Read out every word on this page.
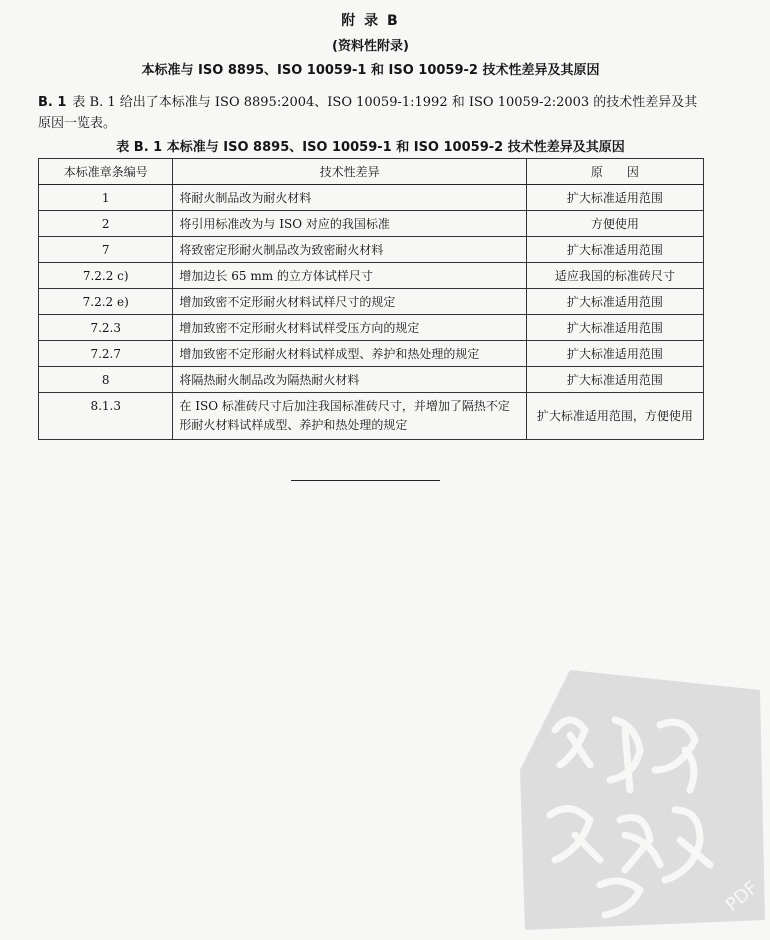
附 录 B
(资料性附录)
本标准与 ISO 8895、ISO 10059-1 和 ISO 10059-2 技术性差异及其原因
B. 1 表 B. 1 给出了本标准与 ISO 8895:2004、ISO 10059-1:1992 和 ISO 10059-2:2003 的技术性差异及其原因一览表。
表 B. 1 本标准与 ISO 8895、ISO 10059-1 和 ISO 10059-2 技术性差异及其原因
本标准章条编号	技术性差异	原　　因
1	将耐火制品改为耐火材料	扩大标准适用范围
2	将引用标准改为与 ISO 对应的我国标准	方便使用
7	将致密定形耐火制品改为致密耐火材料	扩大标准适用范围
7.2.2 c)	增加边长 65 mm 的立方体试样尺寸	适应我国的标准砖尺寸
7.2.2 e)	增加致密不定形耐火材料试样尺寸的规定	扩大标准适用范围
7.2.3	增加致密不定形耐火材料试样受压方向的规定	扩大标准适用范围
7.2.7	增加致密不定形耐火材料试样成型、养护和热处理的规定	扩大标准适用范围
8	将隔热耐火制品改为隔热耐火材料	扩大标准适用范围
8.1.3	在 ISO 标准砖尺寸后加注我国标准砖尺寸，并增加了隔热不定形耐火材料试样成型、养护和热处理的规定	扩大标准适用范围，方便使用
PDF
